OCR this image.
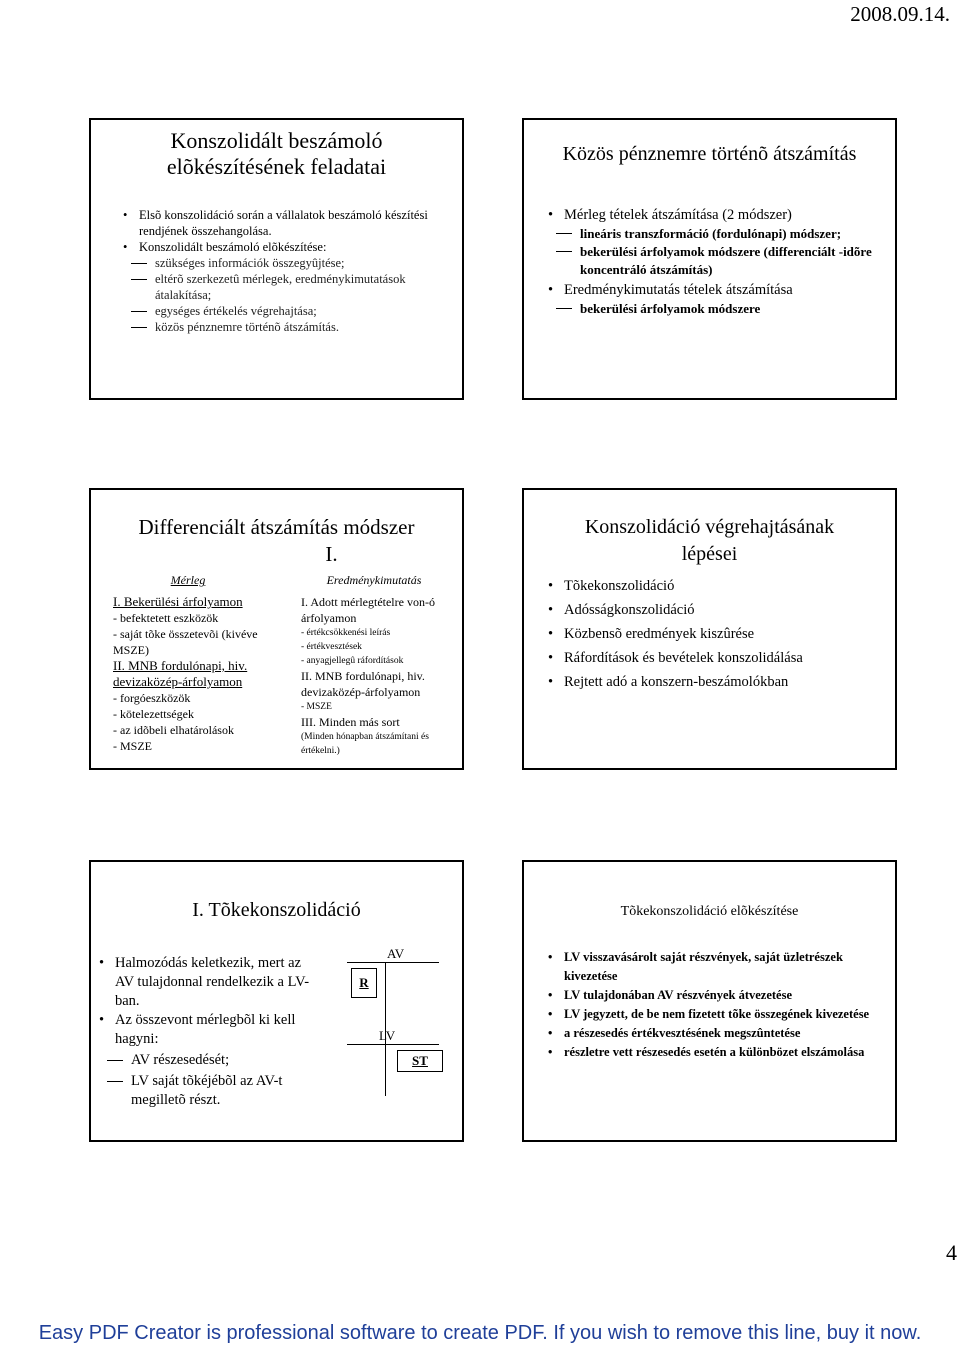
2008.09.14.

Konszolidált beszámoló
elõkészítésének feladatai

• Elsõ konszolidáció során a vállalatok beszámoló készítési rendjének összehangolása.
• Konszolidált beszámoló elõkészítése:
szükséges információk összegyûjtése;
eltérõ szerkezetû mérlegek, eredménykimutatások átalakítása;
egységes értékelés végrehajtása;
közös pénznemre történõ átszámítás.

Közös pénznemre történõ átszámítás

• Mérleg tételek átszámítása (2 módszer)
lineáris transzformáció (fordulónapi) módszer;
bekerülési árfolyamok módszere (differenciált -idõre koncentráló átszámítás)
• Eredménykimutatás tételek átszámítása
bekerülési árfolyamok módszere

Differenciált átszámítás módszer
I.

Mérleg
I. Bekerülési árfolyamon
- befektetett eszközök
- saját tõke összetevõi (kivéve MSZE)
II. MNB fordulónapi, hiv. devizaközép-árfolyamon
- forgóeszközök
- kötelezettségek
- az idõbeli elhatárolások
- MSZE
Eredménykimutatás
I. Adott mérlegtételre von-ó árfolyamon
- értékcsökkenési leírás
- értékvesztések
- anyagjellegû ráfordítások
II. MNB fordulónapi, hiv. devizaközép-árfolyamon
- MSZE
III. Minden más sort
(Minden hónapban átszámítani és értékelni.)

Konszolidáció végrehajtásának
lépései

• Tõkekonszolidáció
• Adósságkonszolidáció
• Közbensõ eredmények kiszûrése
• Ráfordítások és bevételek konszolidálása
• Rejtett adó a konszern-beszámolókban

I. Tõkekonszolidáció

• Halmozódás keletkezik, mert az AV tulajdonnal rendelkezik a LV-ban.
• Az összevont mérlegbõl ki kell hagyni:
AV részesedését;
LV saját tõkéjébõl az AV-t megilletõ részt.
AV
R
LV
ST

Tõkekonszolidáció elõkészítése

• LV visszavásárolt saját részvények, saját üzletrészek kivezetése
• LV tulajdonában AV részvények átvezetése
• LV jegyzett, de be nem fizetett tõke összegének kivezetése
• a részesedés értékvesztésének megszûntetése
• részletre vett részesedés esetén a különbözet elszámolása
4
Easy PDF Creator is professional software to create PDF. If you wish to remove this line, buy it now.
